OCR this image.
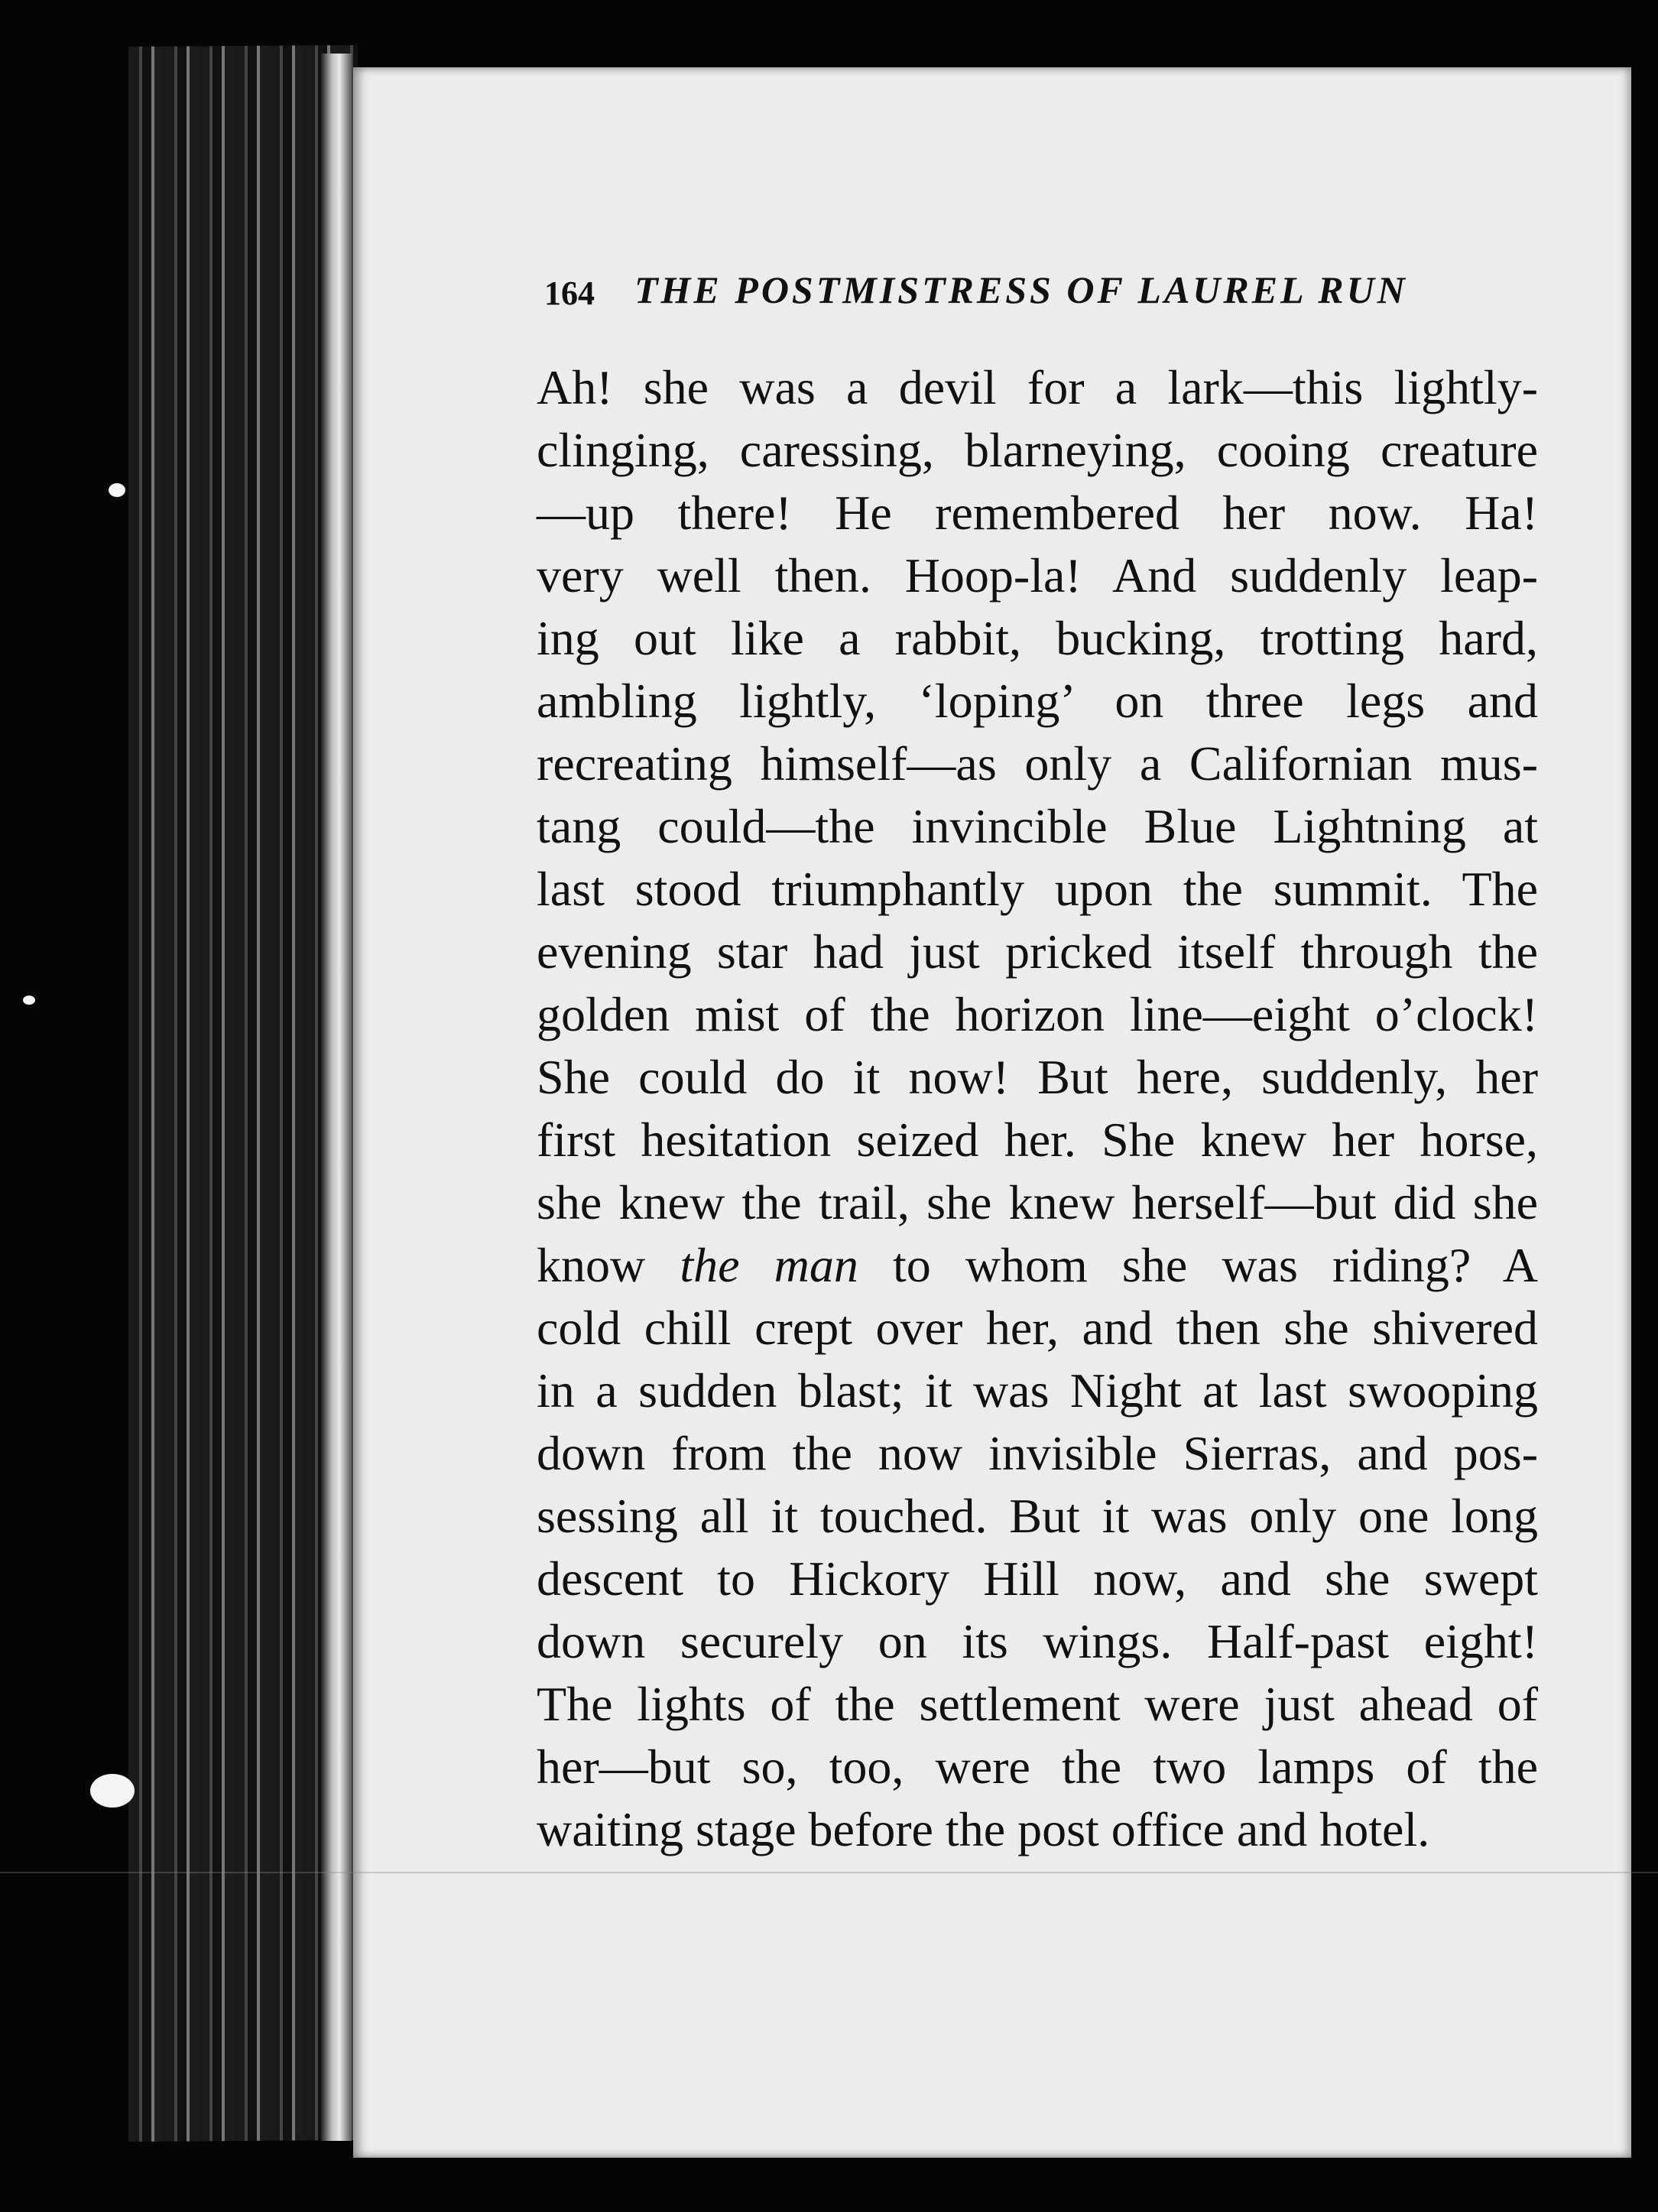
164 THE POSTMISTRESS OF LAUREL RUN
Ah! she was a devil for a lark—this lightly-
clinging, caressing, blarneying, cooing creature
—up there! He remembered her now. Ha!
very well then. Hoop-la! And suddenly leap-
ing out like a rabbit, bucking, trotting hard,
ambling lightly, ‘loping’ on three legs and
recreating himself—as only a Californian mus-
tang could—the invincible Blue Lightning at
last stood triumphantly upon the summit. The
evening star had just pricked itself through the
golden mist of the horizon line—eight o’clock!
She could do it now! But here, suddenly, her
first hesitation seized her. She knew her horse,
she knew the trail, she knew herself—but did she
know the man to whom she was riding? A
cold chill crept over her, and then she shivered
in a sudden blast; it was Night at last swooping
down from the now invisible Sierras, and pos-
sessing all it touched. But it was only one long
descent to Hickory Hill now, and she swept
down securely on its wings. Half-past eight!
The lights of the settlement were just ahead of
her—but so, too, were the two lamps of the
waiting stage before the post office and hotel.
